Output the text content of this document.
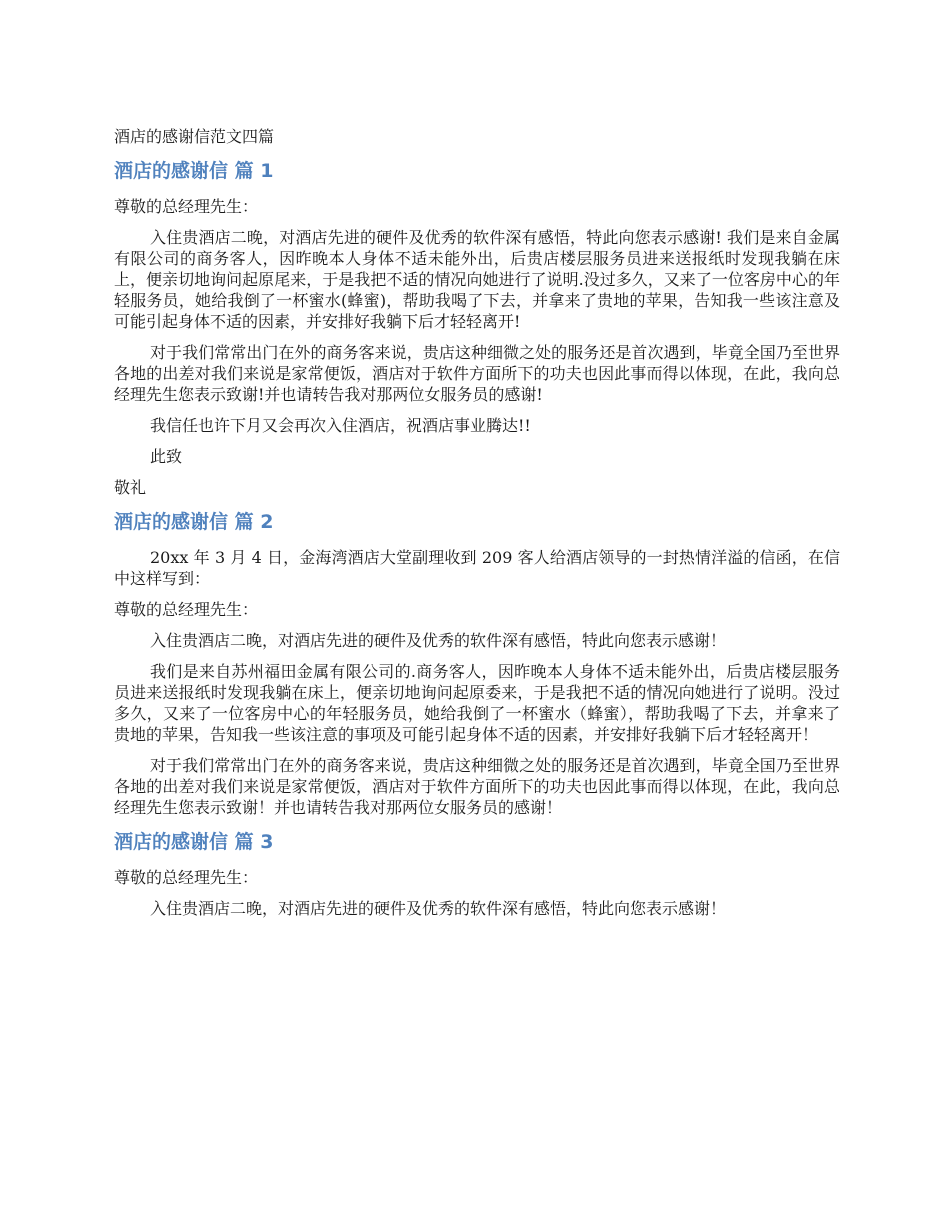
酒店的感谢信范文四篇
酒店的感谢信 篇 1

尊敬的总经理先生：

入住贵酒店二晚，对酒店先进的硬件及优秀的软件深有感悟，特此向您表示感谢! 我们是来自金属有限公司的商务客人，因昨晚本人身体不适未能外出，后贵店楼层服务员进来送报纸时发现我躺在床上，便亲切地询问起原尾来，于是我把不适的情况向她进行了说明.没过多久，又来了一位客房中心的年轻服务员，她给我倒了一杯蜜水(蜂蜜)，帮助我喝了下去，并拿来了贵地的苹果，告知我一些该注意及可能引起身体不适的因素，并安排好我躺下后才轻轻离开!

对于我们常常出门在外的商务客来说，贵店这种细微之处的服务还是首次遇到，毕竟全国乃至世界各地的出差对我们来说是家常便饭，酒店对于软件方面所下的功夫也因此事而得以体现，在此，我向总经理先生您表示致谢!并也请转告我对那两位女服务员的感谢!

我信任也许下月又会再次入住酒店，祝酒店事业腾达!!

此致

敬礼

酒店的感谢信 篇 2

20xx 年 3 月 4 日，金海湾酒店大堂副理收到 209 客人给酒店领导的一封热情洋溢的信函，在信中这样写到：

尊敬的总经理先生：

入住贵酒店二晚，对酒店先进的硬件及优秀的软件深有感悟，特此向您表示感谢！

我们是来自苏州福田金属有限公司的.商务客人，因昨晚本人身体不适未能外出，后贵店楼层服务员进来送报纸时发现我躺在床上，便亲切地询问起原委来，于是我把不适的情况向她进行了说明。没过多久，又来了一位客房中心的年轻服务员，她给我倒了一杯蜜水（蜂蜜），帮助我喝了下去，并拿来了贵地的苹果，告知我一些该注意的事项及可能引起身体不适的因素，并安排好我躺下后才轻轻离开！

对于我们常常出门在外的商务客来说，贵店这种细微之处的服务还是首次遇到，毕竟全国乃至世界各地的出差对我们来说是家常便饭，酒店对于软件方面所下的功夫也因此事而得以体现，在此，我向总经理先生您表示致谢！并也请转告我对那两位女服务员的感谢！

酒店的感谢信 篇 3

尊敬的总经理先生：

入住贵酒店二晚，对酒店先进的硬件及优秀的软件深有感悟，特此向您表示感谢！
